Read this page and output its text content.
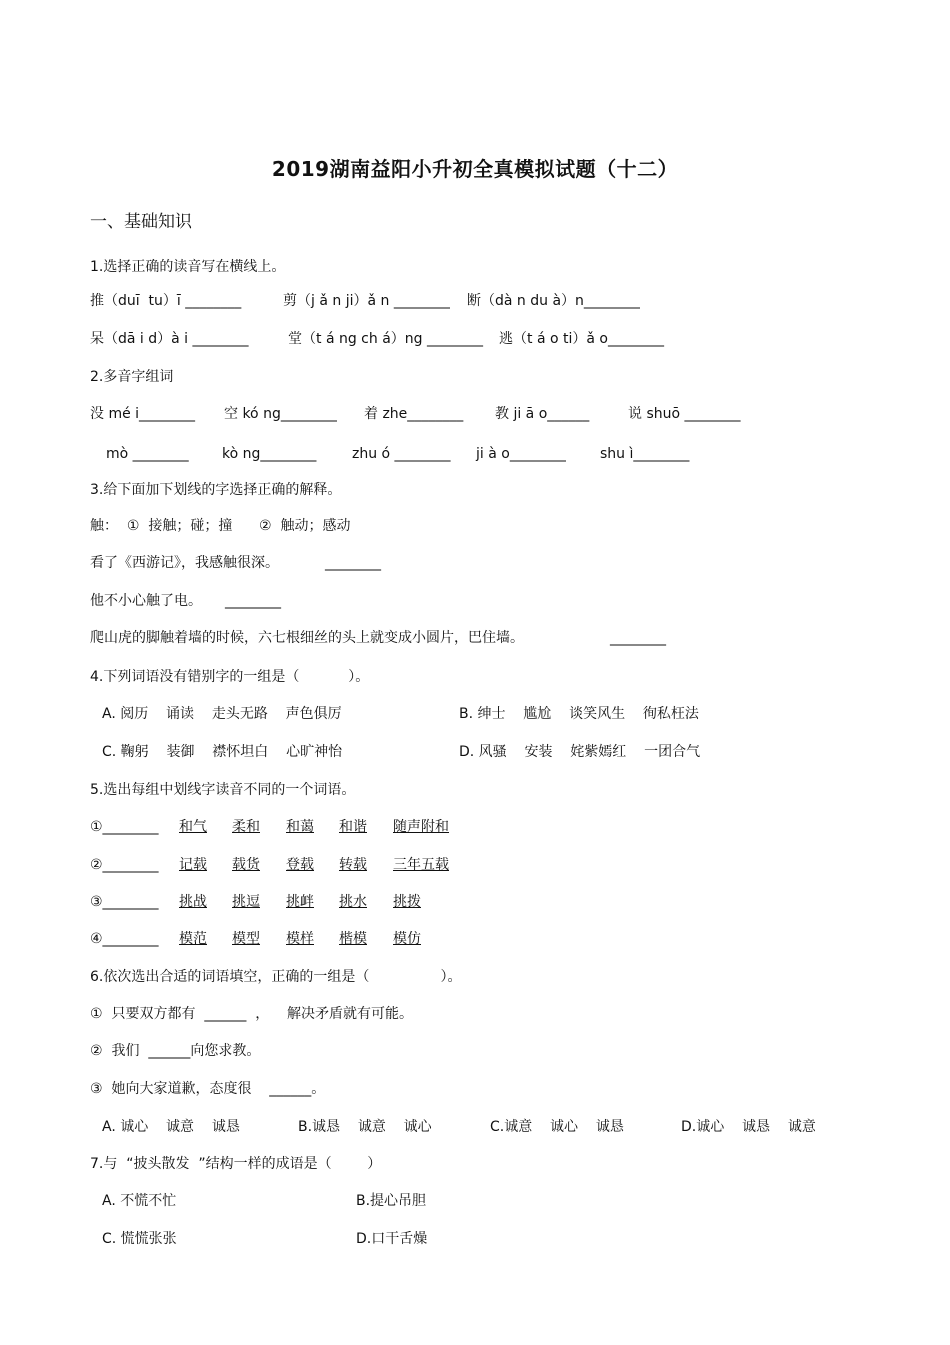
2019湖南益阳小升初全真模拟试题（十二）
一、基础知识
1.选择正确的读音写在横线上。
推（duī  tu）ī ________	剪（j ǎ n ji）ǎ n ________ 断（dà n du à）n________
呆（dā i d）à i ________	堂（t á ng ch á）ng ________ 逃（t á o ti）ǎ o________
2.多音字组词
没 mé i________ 空 kó ng________ 着 zhe________ 教 ji ā o______	说 shuō ________
mò ________ kò ng________	zhu ó ________ ji à o________ shu ì________
3.给下面加下划线的字选择正确的解释。
触：  ①  接触；碰；撞      ②  触动；感动
看了《西游记》，我感触很深。	________
他不小心触了电。 ________
爬山虎的脚触着墙的时候，六七根细丝的头上就变成小圆片，巴住墙。	________
4.下列词语没有错别字的一组是（           ）。
A. 阅历    诵读    走头无路    声色俱厉	B. 绅士    尴尬    谈笑风生    徇私枉法
C. 鞠躬    装御    襟怀坦白    心旷神怡	D. 风骚    安装    姹紫嫣红    一团合气
5.选出每组中划线字读音不同的一个词语。
①________ 和气 柔和 和蔼 和谐 随声附和
②________ 记载 载货 登载 转载 三年五载
③________ 挑战 挑逗 挑衅 挑水 挑拨
④________ 模范 模型 模样 楷模 模仿
6.依次选出合适的词语填空，正确的一组是（                ）。
①  只要双方都有  ______  ，    解决矛盾就有可能。
②  我们  ______向您求教。
③  她向大家道歉，态度很    ______。
A. 诚心    诚意    诚恳	B.诚恳    诚意    诚心	C.诚意    诚心    诚恳	D.诚心    诚恳    诚意
7.与  “披头散发  ”结构一样的成语是（        ）
A. 不慌不忙	B.提心吊胆
C. 慌慌张张	D.口干舌燥
